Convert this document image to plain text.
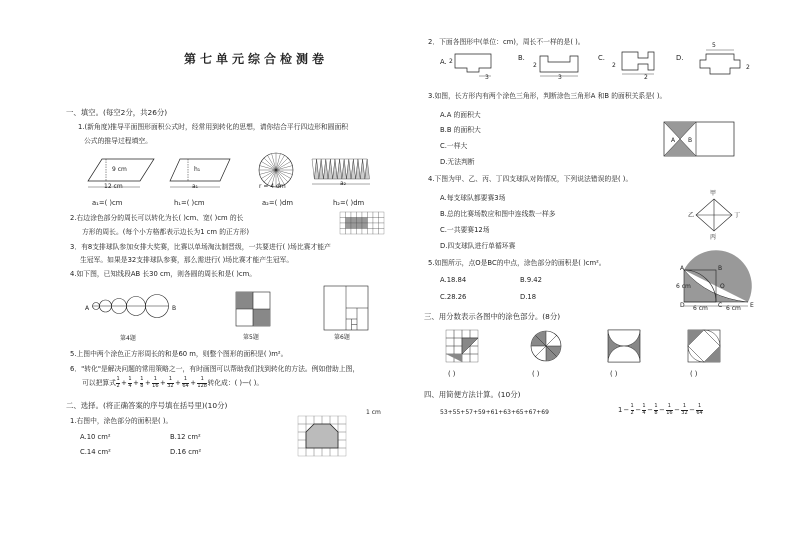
第七单元综合检测卷
一、填空。(每空2分，共26分)
1.(新角度)推导平面图形面积公式时，经常用到转化的思想，请你结合平行四边形和圆面积
公式的推导过程填空。
9 cm
12 cm
h₁
a₁	r = 4 dm	a₂
a₁=( )cm	h₁=( )cm	a₂=( )dm	h₂=( )dm
2.右边涂色部分的周长可以转化为长( )cm、宽( )cm 的长
方形的周长。(每个小方格都表示边长为1 cm 的正方形)
3．有8支排球队参加女排大奖赛，比赛以单场淘汰制晋级，一共要进行( )场比赛才能产
生冠军。如果是32支排球队参赛，那么需进行( )场比赛才能产生冠军。
4.如下图，已知线段AB 长30 cm，则各圆的周长和是( )cm。
A	B
第4题	第5题	第6题
5.上图中两个涂色正方形周长的和是60 m，则整个图形的面积是( )m²。
6．"转化"是解决问题的常用策略之一，有时画图可以帮助我们找到转化的方法。例如借助上图，
可以把算式 $\frac{1}{2} + \frac{1}{4} + \frac{1}{8} + \frac{1}{16} + \frac{1}{32} + \frac{1}{64} + \frac{1}{128}$ 转化成：( )—( )。
二、选择。(将正确答案的序号填在括号里)(10分)
1.右图中，涂色部分的面积是( )。
A.10 cm²	B.12 cm²
C.14 cm²	D.16 cm²
1 cm
2．下面各图形中(单位：cm)，周长不一样的是( )。
A. 2
3
B.
2
3
C.
2
2
D.
5
2
3.如图，长方形内有两个涂色三角形，判断涂色三角形A 和B 的面积关系是( )。
A.A 的面积大
B.B 的面积大
C.一样大
D.无法判断
A B
4.下图为甲、乙、丙、丁四支球队对阵情况，下列说法错误的是( )。
A.每支球队都要赛3场
B.总的比赛场数应和图中连线数一样多
C.一共要赛12场
D.四支球队进行单循环赛
甲
乙	丁
丙
5.如图所示，点O是BC的中点，涂色部分的面积是( )cm²。
A.18.84	B.9.42
C.28.26	D.18
A	B
C
D
O
E
6 cm
6 cm	6 cm
三、用分数表示各图中的涂色部分。(8分)
( )	( )	( )	( )
四、用简便方法计算。(10分)
53+55+57+59+61+63+65+67+69	$1 - \frac{1}{2} - \frac{1}{4} - \frac{1}{8} - \frac{1}{16} - \frac{1}{32} - \frac{1}{64}$
